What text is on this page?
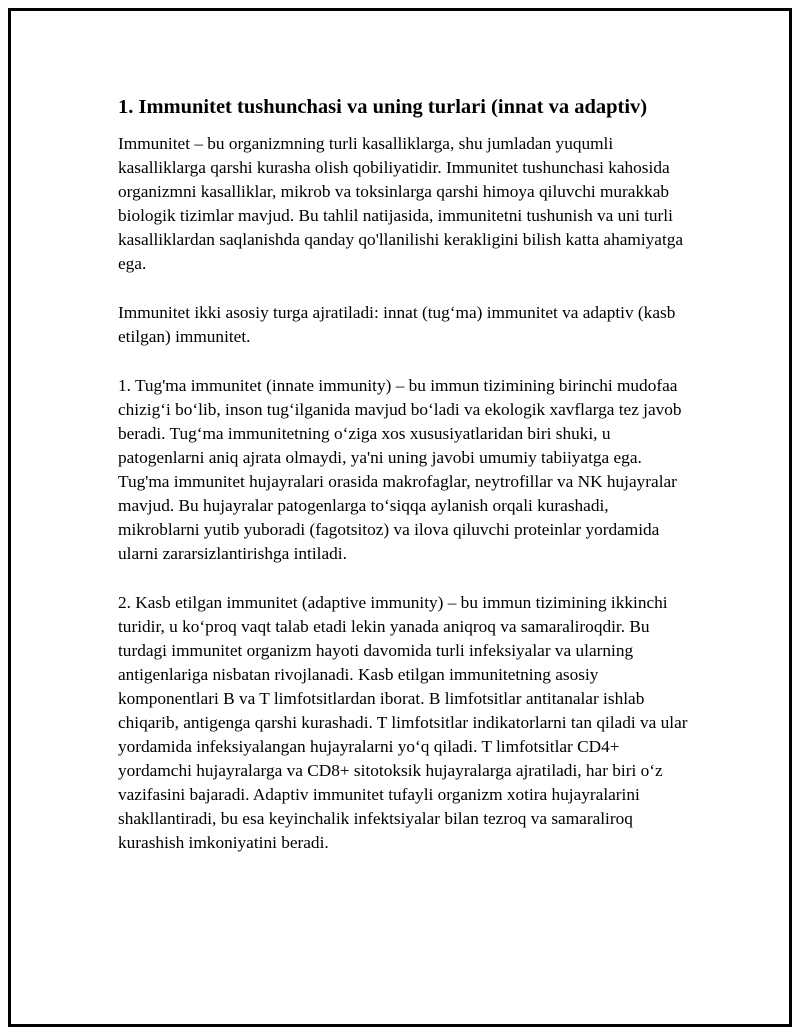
1. Immunitet tushunchasi va uning turlari (innat va adaptiv)

Immunitet – bu organizmning turli kasalliklarga, shu jumladan yuqumli kasalliklarga qarshi kurasha olish qobiliyatidir. Immunitet tushunchasi kahosida organizmni kasalliklar, mikrob va toksinlarga qarshi himoya qiluvchi murakkab biologik tizimlar mavjud. Bu tahlil natijasida, immunitetni tushunish va uni turli kasalliklardan saqlanishda qanday qo'llanilishi kerakligini bilish katta ahamiyatga ega.

Immunitet ikki asosiy turga ajratiladi: innat (tug‘ma) immunitet va adaptiv (kasb etilgan) immunitet.

1. Tug'ma immunitet (innate immunity) – bu immun tizimining birinchi mudofaa chizig‘i bo‘lib, inson tug‘ilganida mavjud bo‘ladi va ekologik xavflarga tez javob beradi. Tug‘ma immunitetning o‘ziga xos xususiyatlaridan biri shuki, u patogenlarni aniq ajrata olmaydi, ya'ni uning javobi umumiy tabiiyatga ega. Tug'ma immunitet hujayralari orasida makrofaglar, neytrofillar va NK hujayralar mavjud. Bu hujayralar patogenlarga to‘siqqa aylanish orqali kurashadi, mikroblarni yutib yuboradi (fagotsitoz) va ilova qiluvchi proteinlar yordamida ularni zararsizlantirishga intiladi.

2. Kasb etilgan immunitet (adaptive immunity) – bu immun tizimining ikkinchi turidir, u ko‘proq vaqt talab etadi lekin yanada aniqroq va samaraliroqdir. Bu turdagi immunitet organizm hayoti davomida turli infeksiyalar va ularning antigenlariga nisbatan rivojlanadi. Kasb etilgan immunitetning asosiy komponentlari B va T limfotsitlardan iborat. B limfotsitlar antitanalar ishlab chiqarib, antigenga qarshi kurashadi. T limfotsitlar indikatorlarni tan qiladi va ular yordamida infeksiyalangan hujayralarni yo‘q qiladi. T limfotsitlar CD4+ yordamchi hujayralarga va CD8+ sitotoksik hujayralarga ajratiladi, har biri o‘z vazifasini bajaradi. Adaptiv immunitet tufayli organizm xotira hujayralarini shakllantiradi, bu esa keyinchalik infektsiyalar bilan tezroq va samaraliroq kurashish imkoniyatini beradi.
